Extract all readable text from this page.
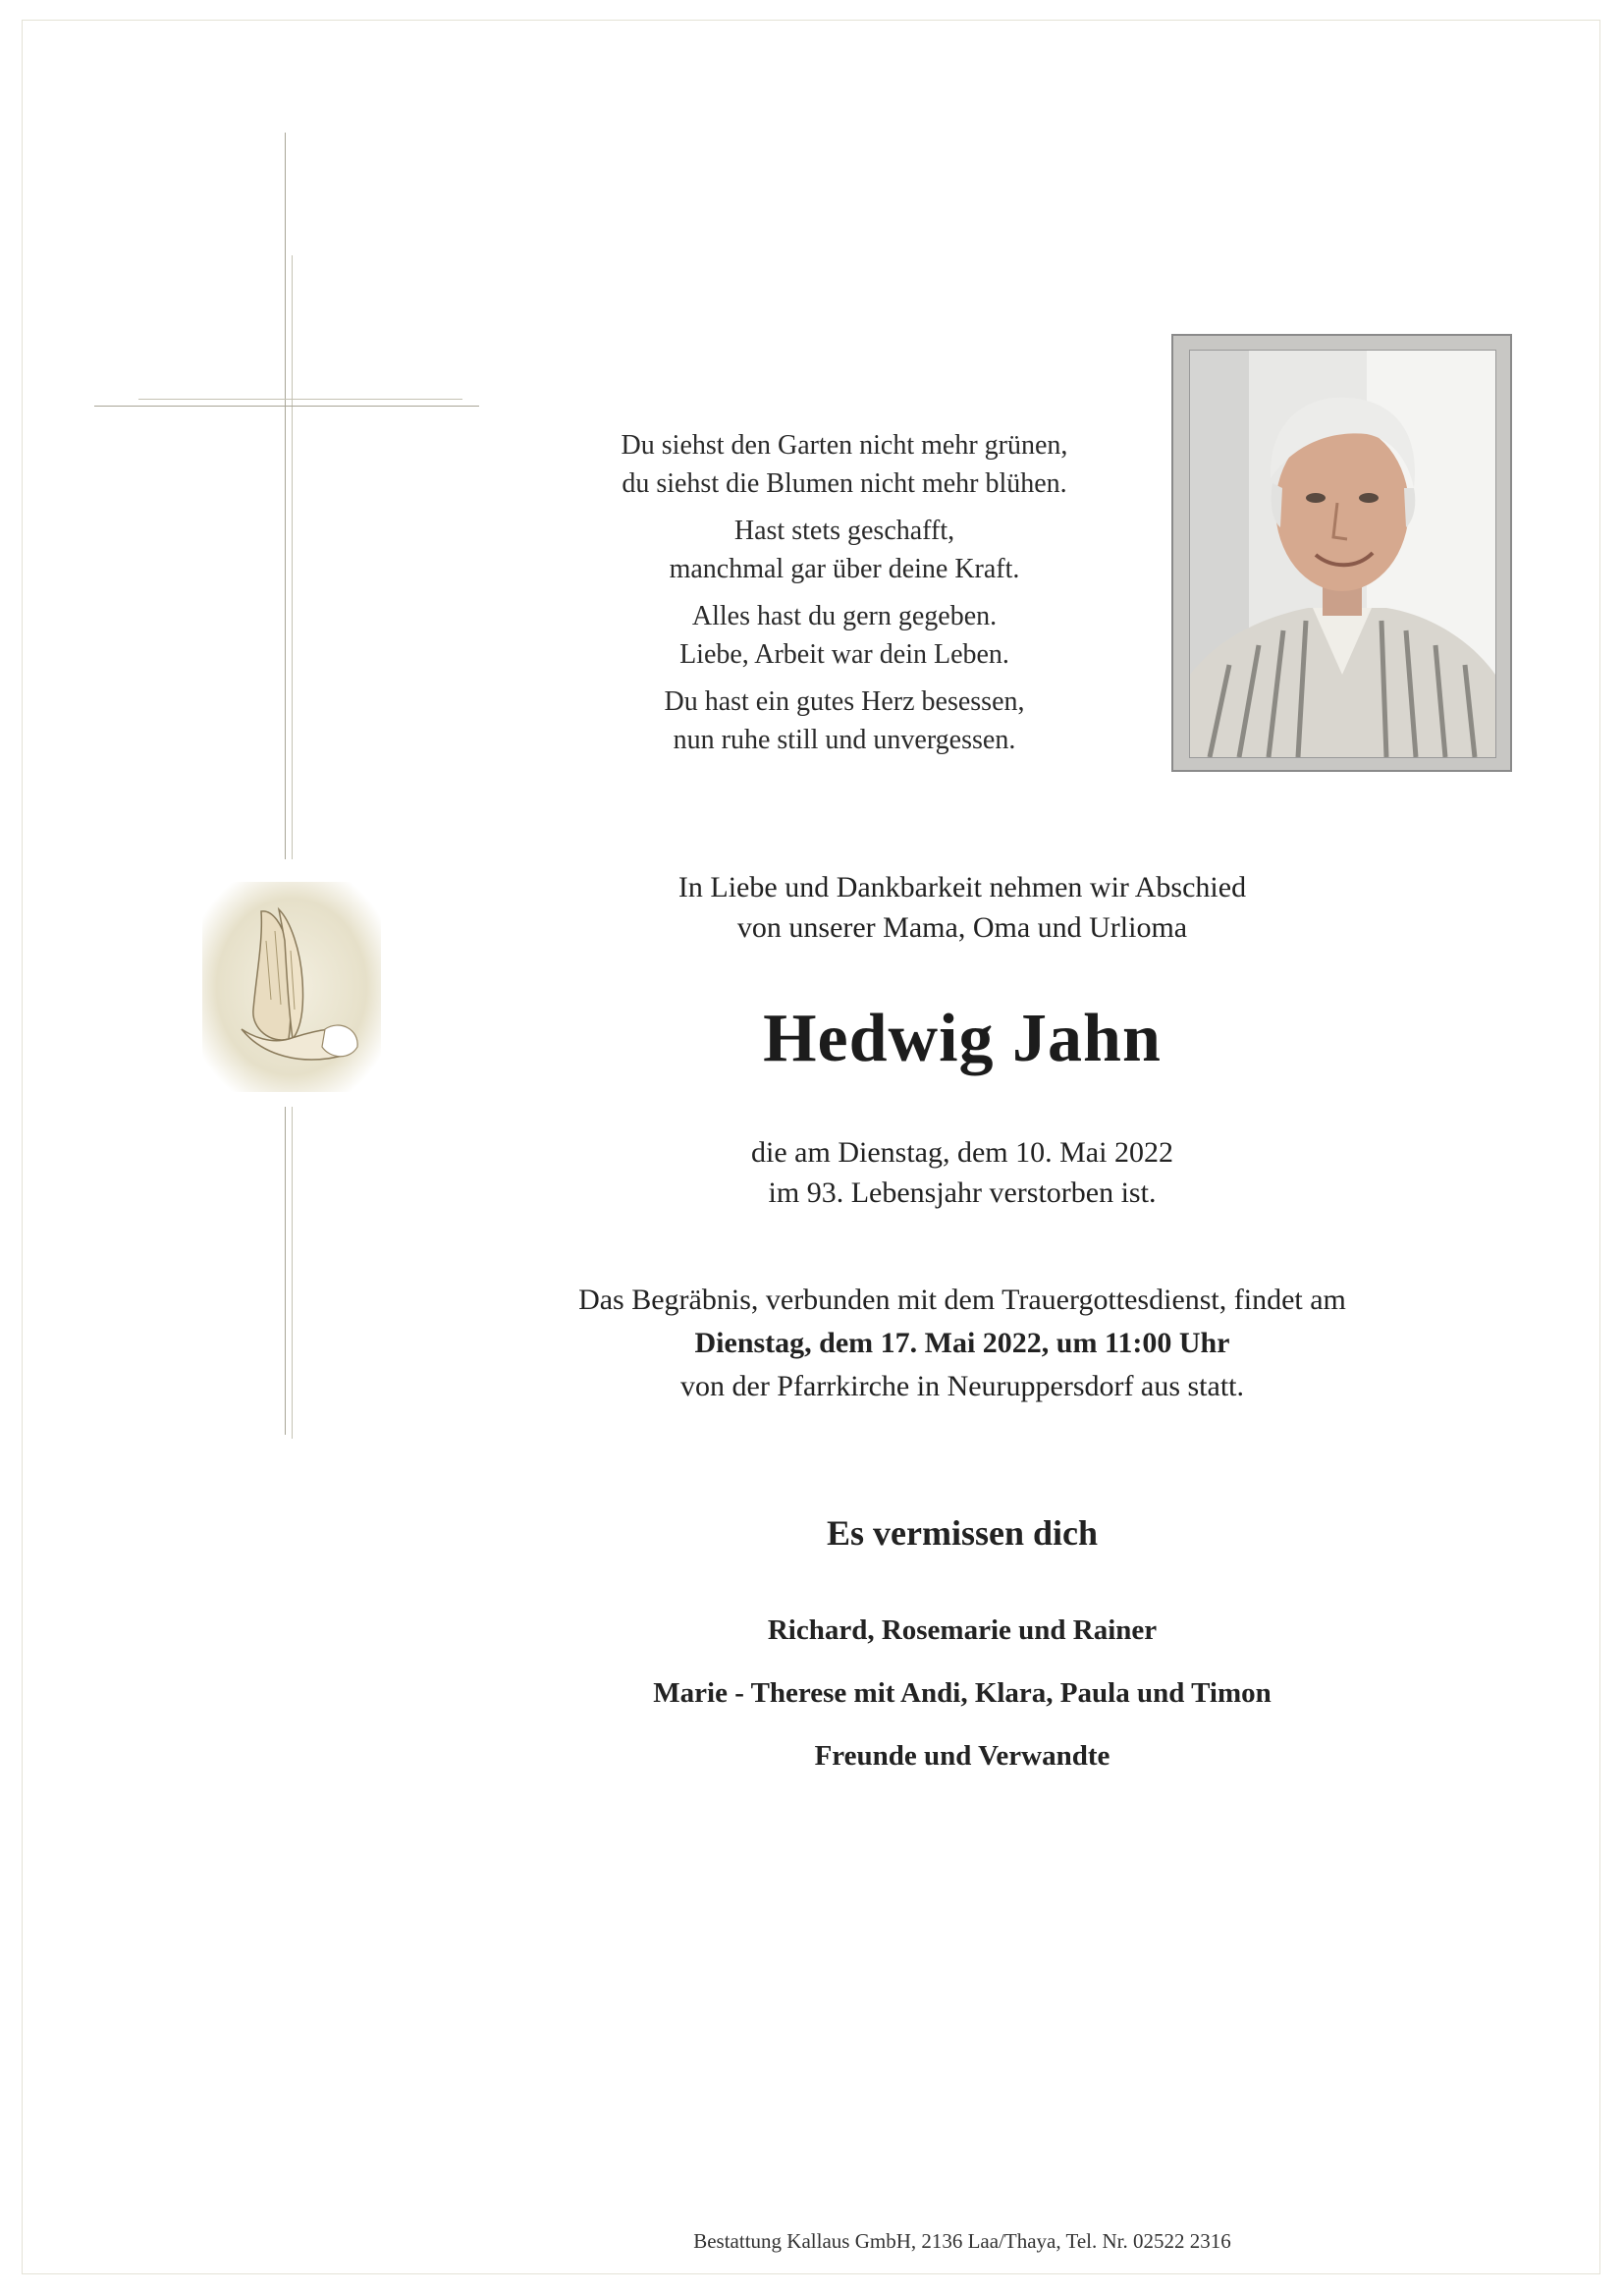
Du siehst den Garten nicht mehr grünen,
du siehst die Blumen nicht mehr blühen.
Hast stets geschafft,
manchmal gar über deine Kraft.
Alles hast du gern gegeben.
Liebe, Arbeit war dein Leben.
Du hast ein gutes Herz besessen,
nun ruhe still und unvergessen.
In Liebe und Dankbarkeit nehmen wir Abschied
von unserer Mama, Oma und Urlioma
Hedwig Jahn
die am Dienstag, dem 10. Mai 2022
im 93. Lebensjahr verstorben ist.
Das Begräbnis, verbunden mit dem Trauergottesdienst, findet am
Dienstag, dem 17. Mai 2022, um 11:00 Uhr
von der Pfarrkirche in Neuruppersdorf aus statt.
Es vermissen dich
Richard, Rosemarie und Rainer
Marie - Therese mit Andi, Klara, Paula und Timon
Freunde und Verwandte
Bestattung Kallaus GmbH, 2136 Laa/Thaya, Tel. Nr. 02522 2316
